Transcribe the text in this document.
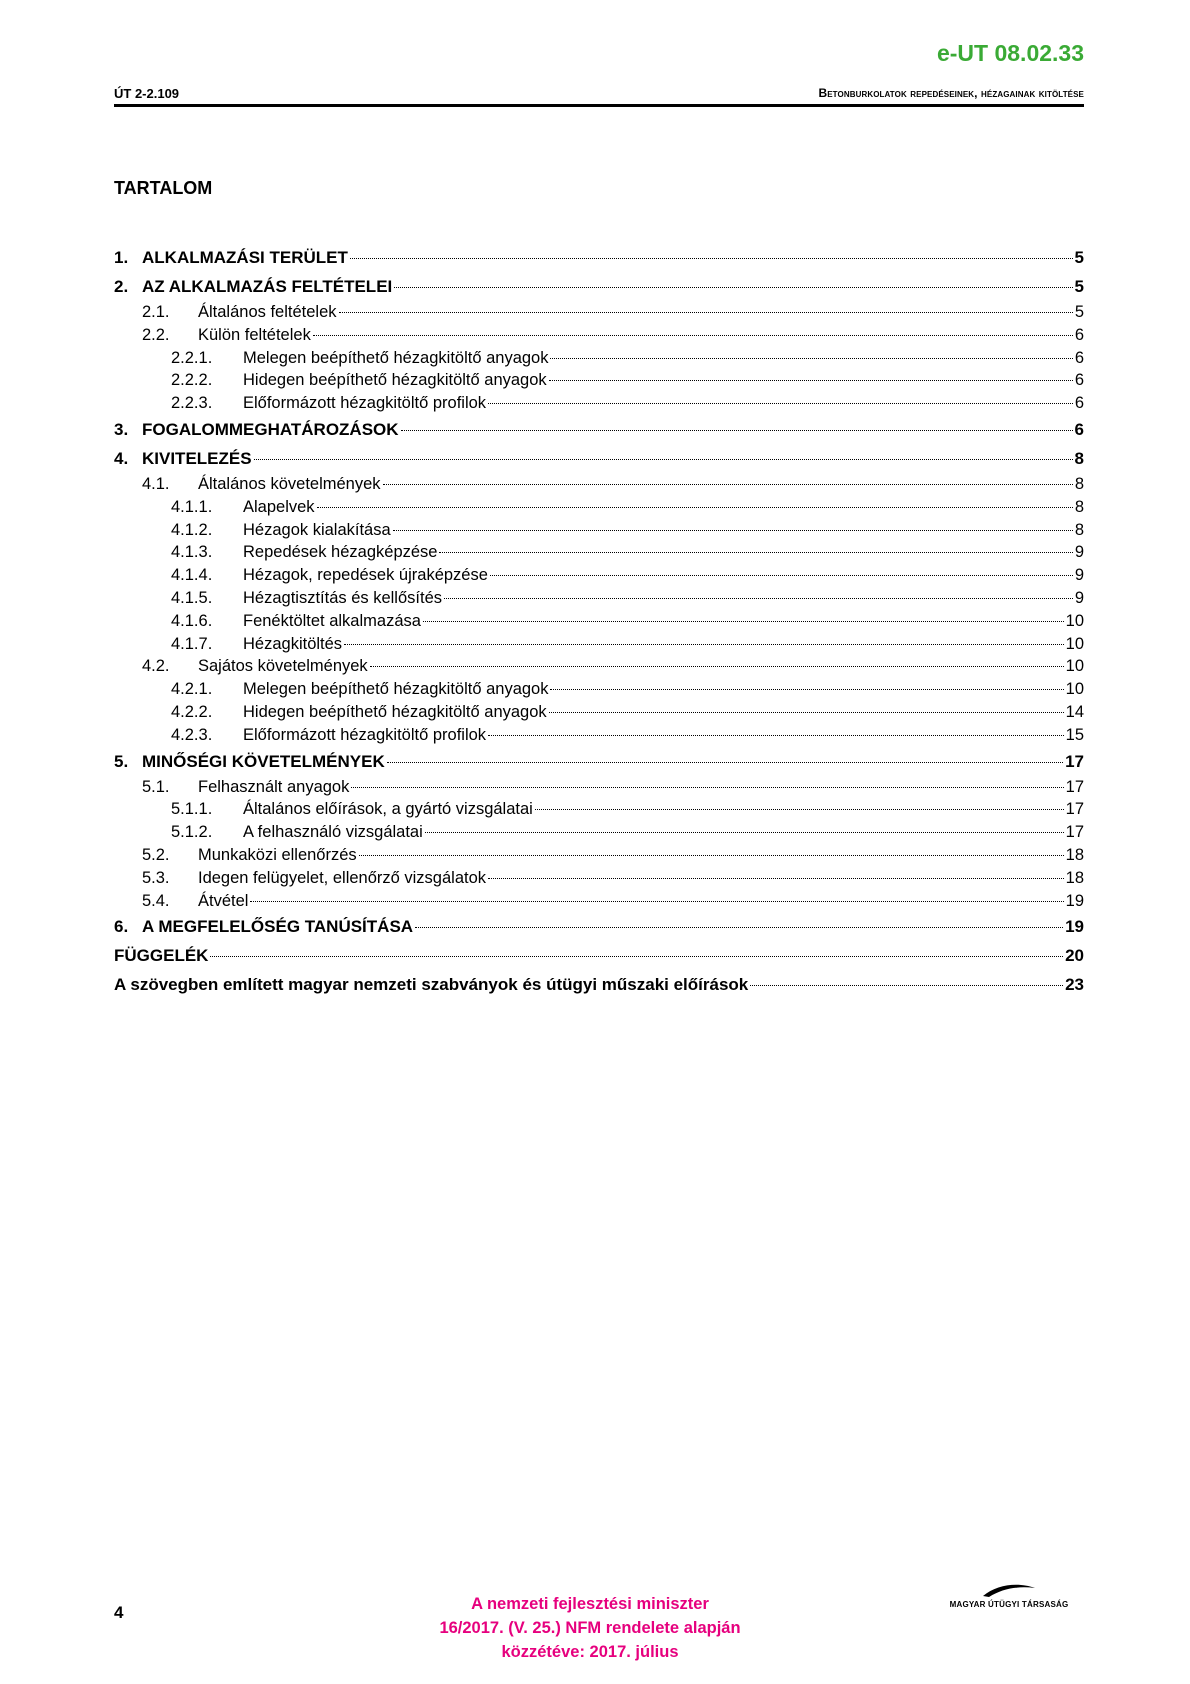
e-UT 08.02.33
ÚT 2-2.109	Betonburkolatok repedéseinek, hézagainak kitöltése
TARTALOM
1. ALKALMAZÁSI TERÜLET	5
2. AZ ALKALMAZÁS FELTÉTELEI	5
2.1.	Általános feltételek	5
2.2.	Külön feltételek	6
2.2.1.	Melegen beépíthető hézagkitöltő anyagok	6
2.2.2.	Hidegen beépíthető hézagkitöltő anyagok	6
2.2.3.	Előformázott hézagkitöltő profilok	6
3. FOGALOMMEGHATÁROZÁSOK	6
4. KIVITELEZÉS	8
4.1.	Általános követelmények	8
4.1.1.	Alapelvek	8
4.1.2.	Hézagok kialakítása	8
4.1.3.	Repedések hézagképzése	9
4.1.4.	Hézagok, repedések újraképzése	9
4.1.5.	Hézagtisztítás és kellősítés	9
4.1.6.	Fenéktöltet alkalmazása	10
4.1.7.	Hézagkitöltés	10
4.2.	Sajátos követelmények	10
4.2.1.	Melegen beépíthető hézagkitöltő anyagok	10
4.2.2.	Hidegen beépíthető hézagkitöltő anyagok	14
4.2.3.	Előformázott hézagkitöltő profilok	15
5. MINŐSÉGI KÖVETELMÉNYEK	17
5.1.	Felhasznált anyagok	17
5.1.1.	Általános előírások, a gyártó vizsgálatai	17
5.1.2.	A felhasználó vizsgálatai	17
5.2.	Munkaközi ellenőrzés	18
5.3.	Idegen felügyelet, ellenőrző vizsgálatok	18
5.4.	Átvétel	19
6. A MEGFELELŐSÉG TANÚSÍTÁSA	19
FÜGGELÉK	20
A szövegben említett magyar nemzeti szabványok és útügyi műszaki előírások	23
4	A nemzeti fejlesztési miniszter
16/2017. (V. 25.) NFM rendelete alapján
közzétéve: 2017. július
MAGYAR ÚTÜGYI TÁRSASÁG
